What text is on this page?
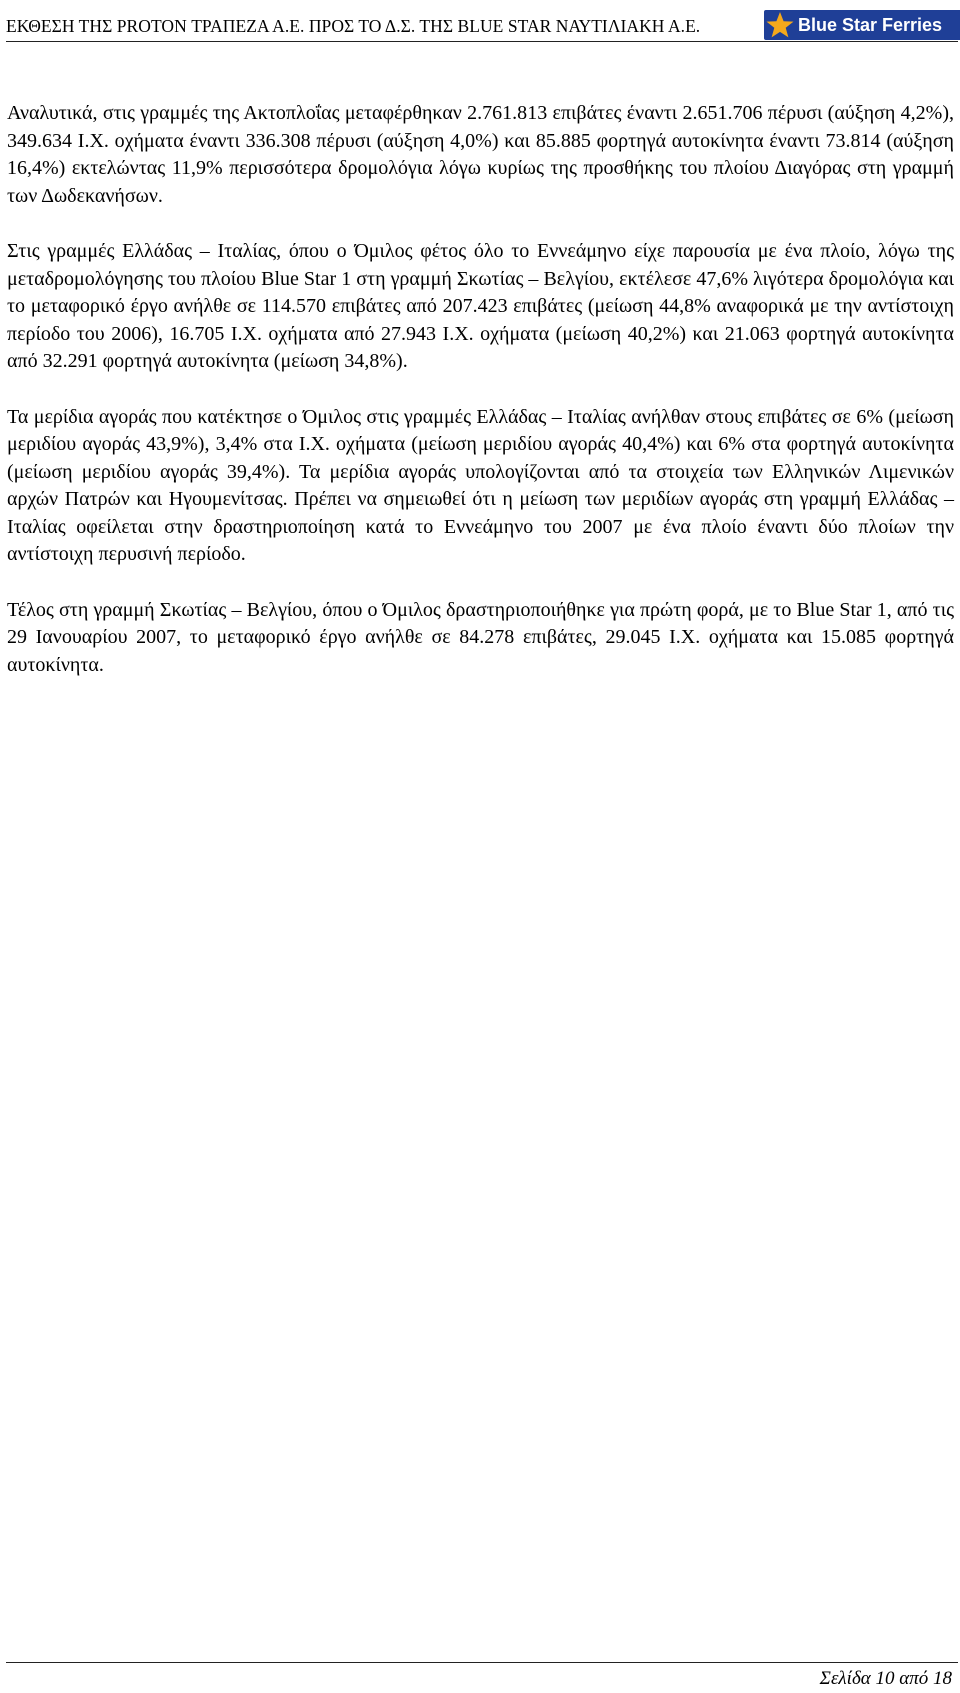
ΕΚΘΕΣΗ ΤΗΣ PROTON ΤΡΑΠΕΖΑ Α.Ε. ΠΡΟΣ ΤΟ Δ.Σ. ΤΗΣ BLUE STAR ΝΑΥΤΙΛΙΑΚΗ Α.Ε.	Blue Star Ferries

Αναλυτικά, στις γραμμές της Ακτοπλοΐας μεταφέρθηκαν 2.761.813 επιβάτες έναντι 2.651.706 πέρυσι (αύξηση 4,2%), 349.634 Ι.Χ. οχήματα έναντι 336.308 πέρυσι (αύξηση 4,0%) και 85.885 φορτηγά αυτοκίνητα έναντι 73.814 (αύξηση 16,4%) εκτελώντας 11,9% περισσότερα δρομολόγια λόγω κυρίως της προσθήκης του πλοίου Διαγόρας στη γραμμή των Δωδεκανήσων.

Στις γραμμές Ελλάδας – Ιταλίας, όπου ο Όμιλος φέτος όλο το Εννεάμηνο είχε παρουσία με ένα πλοίο, λόγω της μεταδρομολόγησης του πλοίου Blue Star 1 στη γραμμή Σκωτίας – Βελγίου, εκτέλεσε 47,6% λιγότερα δρομολόγια και το μεταφορικό έργο ανήλθε σε 114.570 επιβάτες από 207.423 επιβάτες (μείωση 44,8% αναφορικά με την αντίστοιχη περίοδο του 2006), 16.705 Ι.Χ. οχήματα από 27.943 Ι.Χ. οχήματα (μείωση 40,2%) και 21.063 φορτηγά αυτοκίνητα από 32.291 φορτηγά αυτοκίνητα (μείωση 34,8%).

Τα μερίδια αγοράς που κατέκτησε ο Όμιλος στις γραμμές Ελλάδας – Ιταλίας ανήλθαν στους επιβάτες σε 6% (μείωση μεριδίου αγοράς 43,9%), 3,4% στα Ι.Χ. οχήματα (μείωση μεριδίου αγοράς 40,4%) και 6% στα φορτηγά αυτοκίνητα (μείωση μεριδίου αγοράς 39,4%). Τα μερίδια αγοράς υπολογίζονται από τα στοιχεία των Ελληνικών Λιμενικών αρχών Πατρών και Ηγουμενίτσας. Πρέπει να σημειωθεί ότι η μείωση των μεριδίων αγοράς στη γραμμή Ελλάδας – Ιταλίας οφείλεται στην δραστηριοποίηση κατά το Εννεάμηνο του 2007 με ένα πλοίο έναντι δύο πλοίων την αντίστοιχη περυσινή περίοδο.

Τέλος στη γραμμή Σκωτίας – Βελγίου, όπου ο Όμιλος δραστηριοποιήθηκε για πρώτη φορά, με το Blue Star 1, από τις 29 Ιανουαρίου 2007, το μεταφορικό έργο ανήλθε σε 84.278 επιβάτες, 29.045 Ι.Χ. οχήματα και 15.085 φορτηγά αυτοκίνητα.

Σελίδα 10 από 18
